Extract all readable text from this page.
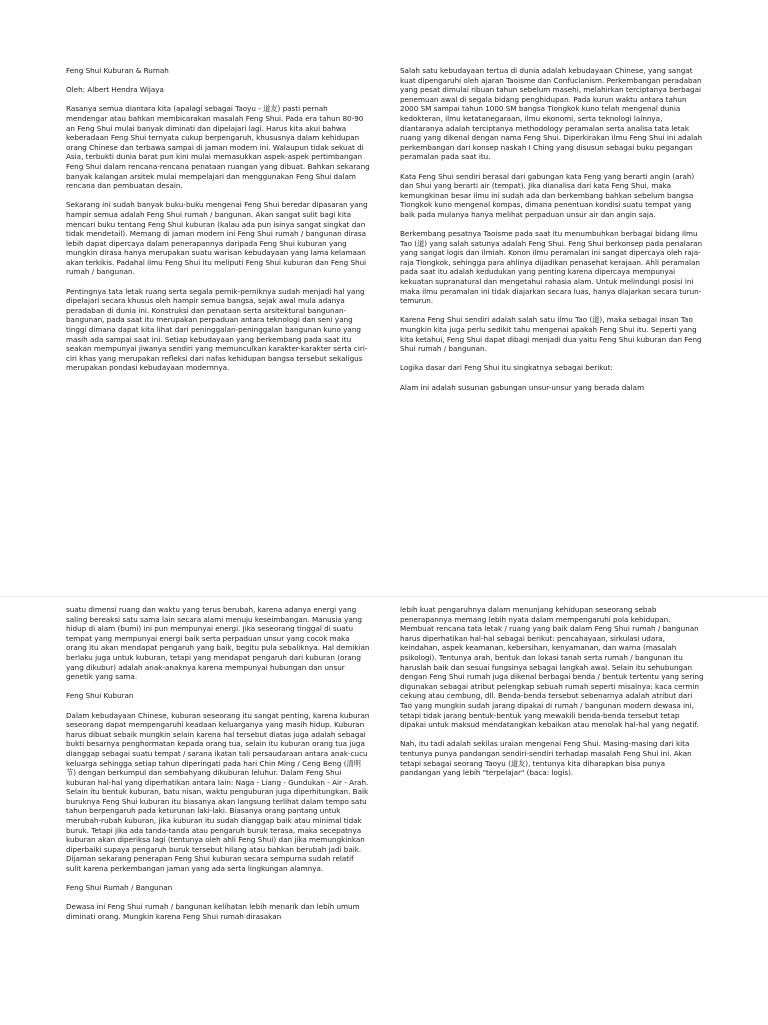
Feng Shui Kuburan & Rumah

Oleh: Albert Hendra Wijaya

Rasanya semua diantara kita (apalagi sebagai Taoyu - 道友) pasti pernah mendengar atau bahkan membicarakan masalah Feng Shui. Pada era tahun 80-90 an Feng Shui mulai banyak diminati dan dipelajari lagi. Harus kita akui bahwa keberadaan Feng Shui ternyata cukup berpengaruh, khususnya dalam kehidupan orang Chinese dan terbawa sampai di jaman modern ini. Walaupun tidak sekuat di Asia, terbukti dunia barat pun kini mulai memasukkan aspek-aspek pertimbangan Feng Shui dalam rencana-rencana penataan ruangan yang dibuat. Bahkan sekarang banyak kalangan arsitek mulai mempelajari dan menggunakan Feng Shui dalam rencana dan pembuatan desain.

Sekarang ini sudah banyak buku-buku mengenai Feng Shui beredar dipasaran yang hampir semua adalah Feng Shui rumah / bangunan. Akan sangat sulit bagi kita mencari buku tentang Feng Shui kuburan (kalau ada pun isinya sangat singkat dan tidak mendetail). Memang di jaman modern ini Feng Shui rumah / bangunan dirasa lebih dapat dipercaya dalam penerapannya daripada Feng Shui kuburan yang mungkin dirasa hanya merupakan suatu warisan kebudayaan yang lama kelamaan akan terkikis. Padahal ilmu Feng Shui itu meliputi Feng Shui kuburan dan Feng Shui rumah / bangunan.

Pentingnya tata letak ruang serta segala pernik-perniknya sudah menjadi hal yang dipelajari secara khusus oleh hampir semua bangsa, sejak awal mula adanya peradaban di dunia ini. Konstruksi dan penataan serta arsitektural bangunan-bangunan, pada saat itu merupakan perpaduan antara teknologi dan seni yang tinggi dimana dapat kita lihat dari peninggalan-peninggalan bangunan kuno yang masih ada sampai saat ini. Setiap kebudayaan yang berkembang pada saat itu seakan mempunyai jiwanya sendiri yang memunculkan karakter-karakter serta ciri-ciri khas yang merupakan refleksi dari nafas kehidupan bangsa tersebut sekaligus merupakan pondasi kebudayaan modernnya.

Salah satu kebudayaan tertua di dunia adalah kebudayaan Chinese, yang sangat kuat dipengaruhi oleh ajaran Taoisme dan Confucianism. Perkembangan peradaban yang pesat dimulai ribuan tahun sebelum masehi, melahirkan terciptanya berbagai penemuan awal di segala bidang penghidupan. Pada kurun waktu antara tahun 2000 SM sampai tahun 1000 SM bangsa Tiongkok kuno telah mengenal dunia kedokteran, ilmu ketatanegaraan, ilmu ekonomi, serta teknologi lainnya, diantaranya adalah terciptanya methodology peramalan serta analisa tata letak ruang yang dikenal dengan nama Feng Shui. Diperkirakan ilmu Feng Shui ini adalah perkembangan dari konsep naskah I Ching yang disusun sebagai buku pegangan peramalan pada saat itu.

Kata Feng Shui sendiri berasal dari gabungan kata Feng yang berarti angin (arah) dan Shui yang berarti air (tempat). Jika dianalisa dari kata Feng Shui, maka kemungkinan besar ilmu ini sudah ada dan berkembang bahkan sebelum bangsa Tiongkok kuno mengenal kompas, dimana penentuan kondisi suatu tempat yang baik pada mulanya hanya melihat perpaduan unsur air dan angin saja.

Berkembang pesatnya Taoisme pada saat itu menumbuhkan berbagai bidang ilmu Tao (道) yang salah satunya adalah Feng Shui. Feng Shui berkonsep pada penalaran yang sangat logis dan ilmiah. Konon ilmu peramalan ini sangat dipercaya oleh raja-raja Tiongkok, sehingga para ahlinya dijadikan penasehat kerajaan. Ahli peramalan pada saat itu adalah kedudukan yang penting karena dipercaya mempunyai kekuatan supranatural dan mengetahui rahasia alam. Untuk melindungi posisi ini maka ilmu peramalan ini tidak diajarkan secara luas, hanya diajarkan secara turun-temurun.

Karena Feng Shui sendiri adalah salah satu ilmu Tao (道), maka sebagai insan Tao mungkin kita juga perlu sedikit tahu mengenai apakah Feng Shui itu. Seperti yang kita ketahui, Feng Shui dapat dibagi menjadi dua yaitu Feng Shui kuburan dan Feng Shui rumah / bangunan.

Logika dasar dari Feng Shui itu singkatnya sebagai berikut:

Alam ini adalah susunan gabungan unsur-unsur yang berada dalam

suatu dimensi ruang dan waktu yang terus berubah, karena adanya energi yang saling bereaksi satu sama lain secara alami menuju keseimbangan. Manusia yang hidup di alam (bumi) ini pun mempunyai energi. Jika seseorang tinggal di suatu tempat yang mempunyai energi baik serta perpaduan unsur yang cocok maka orang itu akan mendapat pengaruh yang baik, begitu pula sebaliknya. Hal demikian berlaku juga untuk kuburan, tetapi yang mendapat pengaruh dari kuburan (orang yang dikubur) adalah anak-anaknya karena mempunyai hubungan dan unsur genetik yang sama.

Feng Shui Kuburan

Dalam kebudayaan Chinese, kuburan seseorang itu sangat penting, karena kuburan seseorang dapat mempengaruhi keadaan keluarganya yang masih hidup. Kuburan harus dibuat sebaik mungkin selain karena hal tersebut diatas juga adalah sebagai bukti besarnya penghormatan kepada orang tua, selain itu kuburan orang tua juga dianggap sebagai suatu tempat / sarana ikatan tali persaudaraan antara anak-cucu keluarga sehingga setiap tahun diperingati pada hari Chin Ming / Ceng Beng (清明节) dengan berkumpul dan sembahyang dikuburan leluhur. Dalam Feng Shui kuburan hal-hal yang diperhatikan antara lain: Naga - Liang - Gundukan - Air - Arah. Selain itu bentuk kuburan, batu nisan, waktu penguburan juga diperhitungkan. Baik buruknya Feng Shui kuburan itu biasanya akan langsung terlihat dalam tempo satu tahun berpengaruh pada keturunan laki-laki. Biasanya orang pantang untuk merubah-rubah kuburan, jika kuburan itu sudah dianggap baik atau minimal tidak buruk. Tetapi jika ada tanda-tanda atau pengaruh buruk terasa, maka secepatnya kuburan akan diperiksa lagi (tentunya oleh ahli Feng Shui) dan jika memungkinkan diperbaiki supaya pengaruh buruk tersebut hilang atau bahkan berubah jadi baik. Dijaman sekarang penerapan Feng Shui kuburan secara sempurna sudah relatif sulit karena perkembangan jaman yang ada serta lingkungan alamnya.

Feng Shui Rumah / Bangunan

Dewasa ini Feng Shui rumah / bangunan kelihatan lebih menarik dan lebih umum diminati orang. Mungkin karena Feng Shui rumah dirasakan

lebih kuat pengaruhnya dalam menunjang kehidupan seseorang sebab penerapannya memang lebih nyata dalam mempengaruhi pola kehidupan. Membuat rencana tata letak / ruang yang baik dalam Feng Shui rumah / bangunan harus diperhatikan hal-hal sebagai berikut: pencahayaan, sirkulasi udara, keindahan, aspek keamanan, kebersihan, kenyamanan, dan warna (masalah psikologi). Tentunya arah, bentuk dan lokasi tanah serta rumah / bangunan itu haruslah baik dan sesuai fungsinya sebagai langkah awal. Selain itu sehubungan dengan Feng Shui rumah juga dikenal berbagai benda / bentuk tertentu yang sering digunakan sebagai atribut pelengkap sebuah rumah seperti misalnya: kaca cermin cekung atau cembung, dll. Benda-benda tersebut sebenarnya adalah atribut dari Tao yang mungkin sudah jarang dipakai di rumah / bangunan modern dewasa ini, tetapi tidak jarang bentuk-bentuk yang mewakili benda-benda tersebut tetap dipakai untuk maksud mendatangkan kebaikan atau menolak hal-hal yang negatif.

Nah, itu tadi adalah sekilas uraian mengenai Feng Shui. Masing-masing dari kita tentunya punya pandangan sendiri-sendiri terhadap masalah Feng Shui ini. Akan tetapi sebagai seorang Taoyu (道友), tentunya kita diharapkan bisa punya pandangan yang lebih "terpelajar" (baca: logis).
